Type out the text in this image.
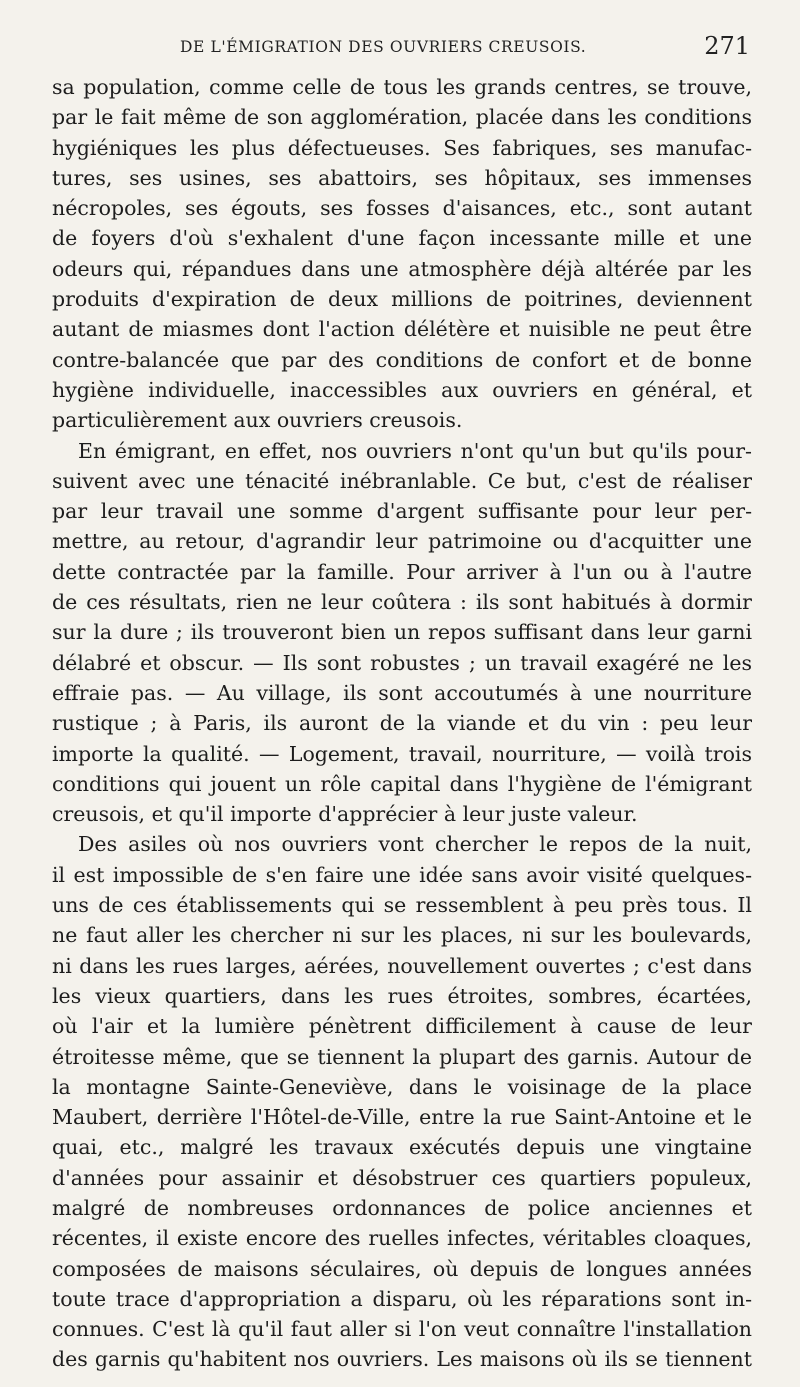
DE L'ÉMIGRATION DES OUVRIERS CREUSOIS.	271
sa population, comme celle de tous les grands centres, se trouve,
par le fait même de son agglomération, placée dans les conditions
hygiéniques les plus défectueuses. Ses fabriques, ses manufac-
tures, ses usines, ses abattoirs, ses hôpitaux, ses immenses
nécropoles, ses égouts, ses fosses d'aisances, etc., sont autant
de foyers d'où s'exhalent d'une façon incessante mille et une
odeurs qui, répandues dans une atmosphère déjà altérée par les
produits d'expiration de deux millions de poitrines, deviennent
autant de miasmes dont l'action délétère et nuisible ne peut être
contre-balancée que par des conditions de confort et de bonne
hygiène individuelle, inaccessibles aux ouvriers en général, et
particulièrement aux ouvriers creusois.
En émigrant, en effet, nos ouvriers n'ont qu'un but qu'ils pour-
suivent avec une ténacité inébranlable. Ce but, c'est de réaliser
par leur travail une somme d'argent suffisante pour leur per-
mettre, au retour, d'agrandir leur patrimoine ou d'acquitter une
dette contractée par la famille. Pour arriver à l'un ou à l'autre
de ces résultats, rien ne leur coûtera : ils sont habitués à dormir
sur la dure ; ils trouveront bien un repos suffisant dans leur garni
délabré et obscur. — Ils sont robustes ; un travail exagéré ne les
effraie pas. — Au village, ils sont accoutumés à une nourriture
rustique ; à Paris, ils auront de la viande et du vin : peu leur
importe la qualité. — Logement, travail, nourriture, — voilà trois
conditions qui jouent un rôle capital dans l'hygiène de l'émigrant
creusois, et qu'il importe d'apprécier à leur juste valeur.
Des asiles où nos ouvriers vont chercher le repos de la nuit,
il est impossible de s'en faire une idée sans avoir visité quelques-
uns de ces établissements qui se ressemblent à peu près tous. Il
ne faut aller les chercher ni sur les places, ni sur les boulevards,
ni dans les rues larges, aérées, nouvellement ouvertes ; c'est dans
les vieux quartiers, dans les rues étroites, sombres, écartées,
où l'air et la lumière pénètrent difficilement à cause de leur
étroitesse même, que se tiennent la plupart des garnis. Autour de
la montagne Sainte-Geneviève, dans le voisinage de la place
Maubert, derrière l'Hôtel-de-Ville, entre la rue Saint-Antoine et le
quai, etc., malgré les travaux exécutés depuis une vingtaine
d'années pour assainir et désobstruer ces quartiers populeux,
malgré de nombreuses ordonnances de police anciennes et
récentes, il existe encore des ruelles infectes, véritables cloaques,
composées de maisons séculaires, où depuis de longues années
toute trace d'appropriation a disparu, où les réparations sont in-
connues. C'est là qu'il faut aller si l'on veut connaître l'installation
des garnis qu'habitent nos ouvriers. Les maisons où ils se tiennent
